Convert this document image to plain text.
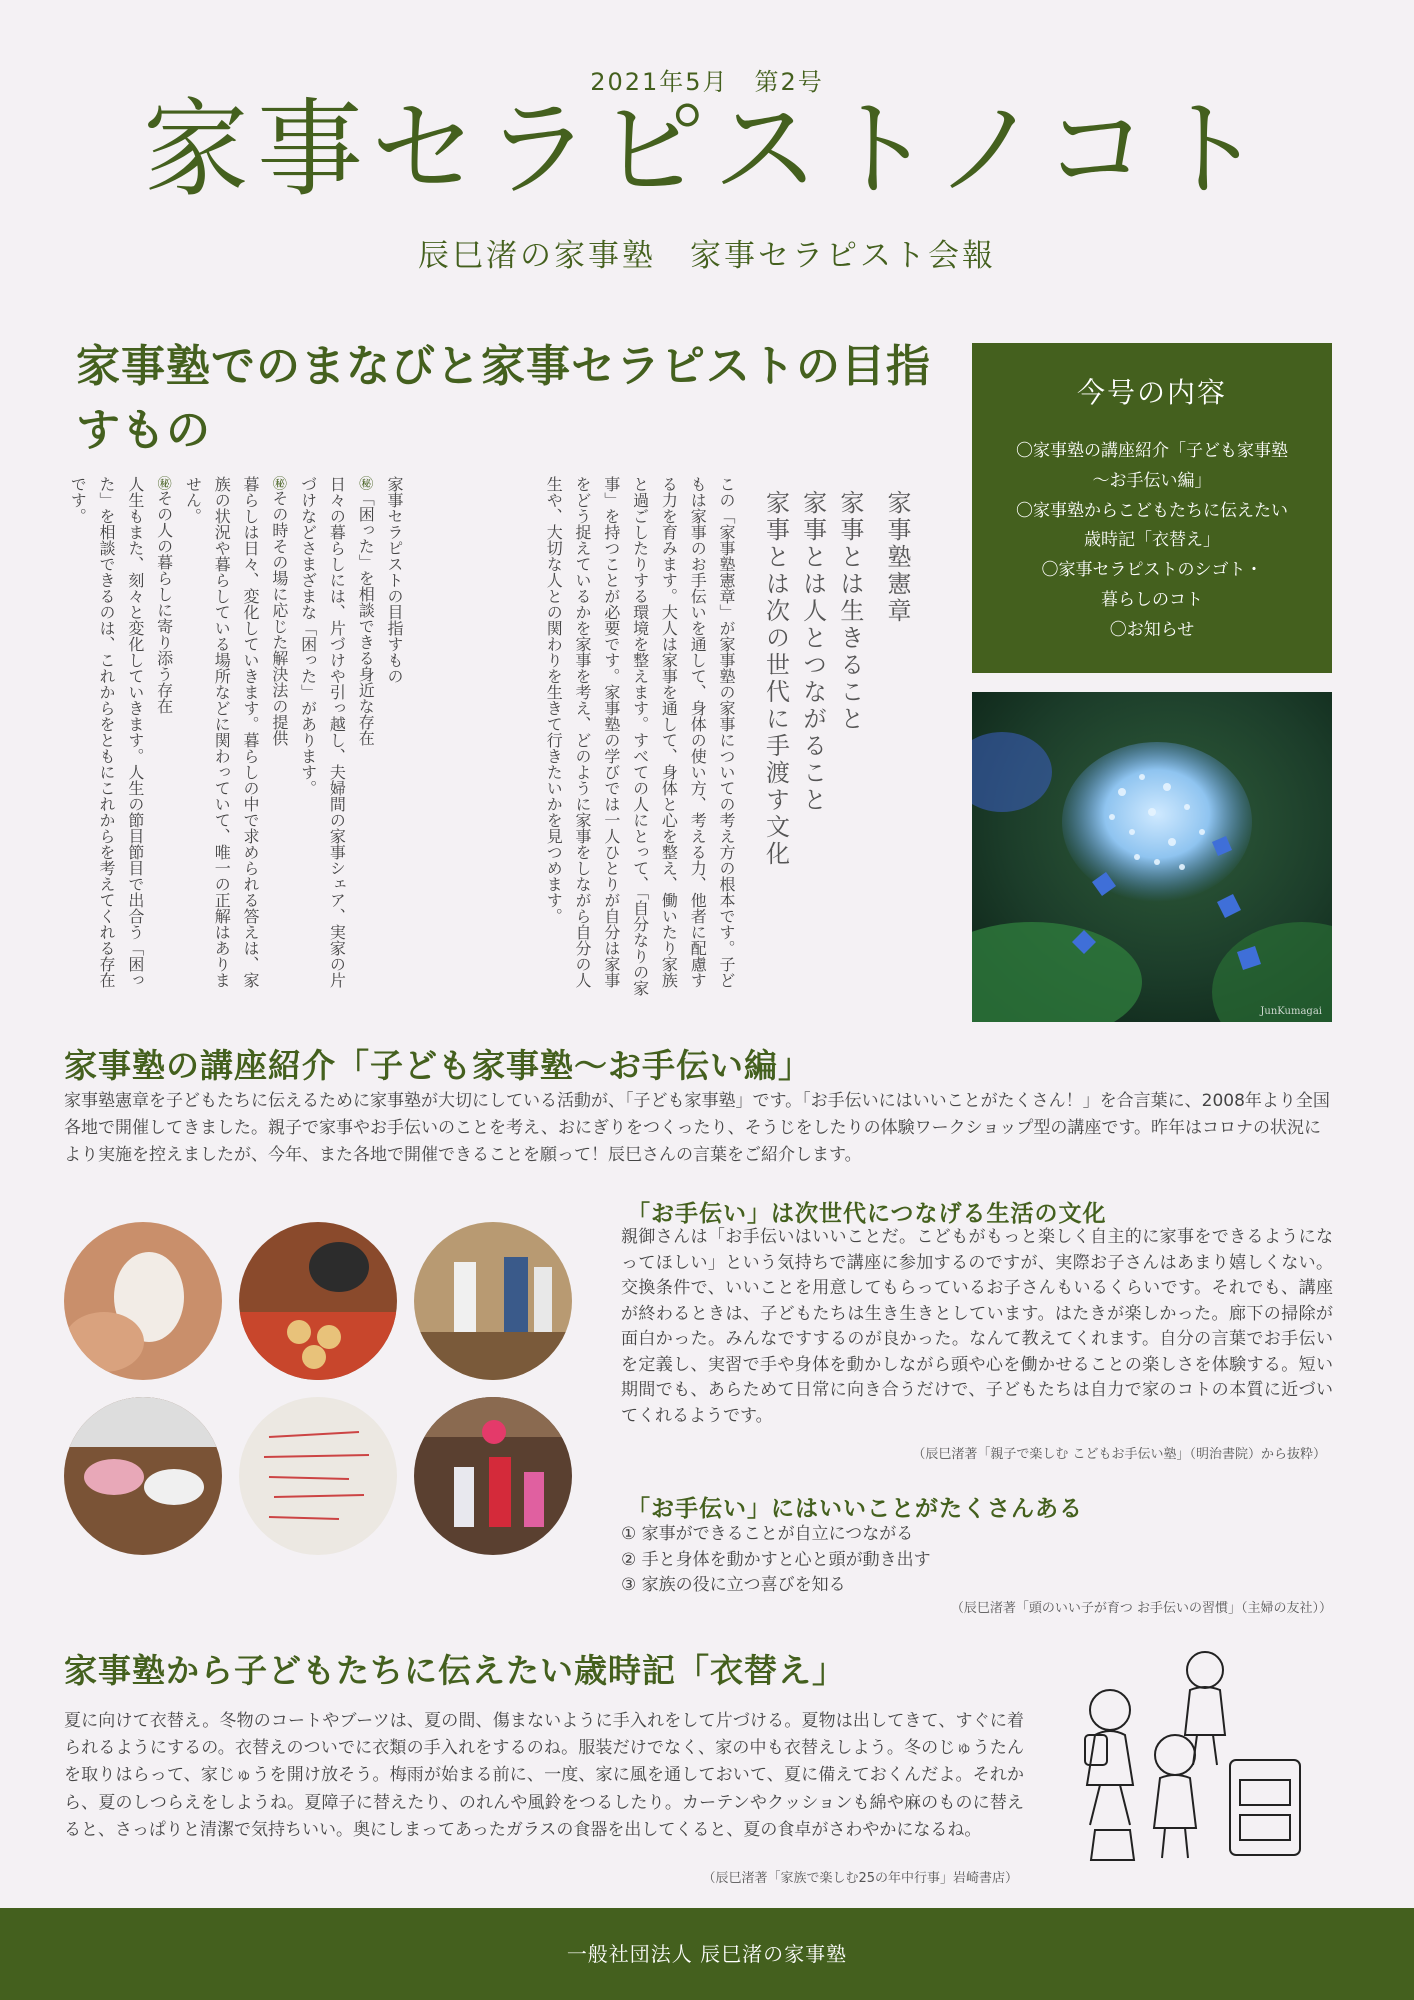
2021年5月　第2号
家事セラピストノコト
辰巳渚の家事塾　家事セラピスト会報
家事塾でのまなびと家事セラピストの目指すもの
家事塾憲章
家事とは生きること
家事とは人とつながること
家事とは次の世代に手渡す文化
この「家事塾憲章」が家事塾の家事についての考え方の根本です。子どもは家事のお手伝いを通して、身体の使い方、考える力、他者に配慮する力を育みます。大人は家事を通して、身体と心を整え、働いたり家族と過ごしたりする環境を整えます。すべての人にとって、「自分なりの家事」を持つことが必要です。家事塾の学びでは一人ひとりが自分は家事をどう捉えているかを家事を考え、どのように家事をしながら自分の人生や、大切な人との関わりを生きて行きたいかを見つめます。
家事セラピストの目指すもの
㊙「困った」を相談できる身近な存在
日々の暮らしには、片づけや引っ越し、夫婦間の家事シェア、実家の片づけなどさまざまな「困った」があります。
㊙その時その場に応じた解決法の提供
暮らしは日々、変化していきます。暮らしの中で求められる答えは、家族の状況や暮らしている場所などに関わっていて、唯一の正解はありません。
㊙その人の暮らしに寄り添う存在
人生もまた、刻々と変化していきます。人生の節目節目で出合う「困った」を相談できるのは、これからをともにこれからを考えてくれる存在です。
今号の内容
〇家事塾の講座紹介「子ども家事塾
～お手伝い編」
〇家事塾からこどもたちに伝えたい
歳時記「衣替え」
〇家事セラピストのシゴト・
暮らしのコト
〇お知らせ
JunKumagai
家事塾の講座紹介「子ども家事塾～お手伝い編」

家事塾憲章を子どもたちに伝えるために家事塾が大切にしている活動が、「子ども家事塾」です。「お手伝いにはいいことがたくさん！」を合言葉に、2008年より全国各地で開催してきました。親子で家事やお手伝いのことを考え、おにぎりをつくったり、そうじをしたりの体験ワークショップ型の講座です。昨年はコロナの状況により実施を控えましたが、今年、また各地で開催できることを願って！辰巳さんの言葉をご紹介します。

「お手伝い」は次世代につなげる生活の文化

親御さんは「お手伝いはいいことだ。こどもがもっと楽しく自主的に家事をできるようになってほしい」という気持ちで講座に参加するのですが、実際お子さんはあまり嬉しくない。交換条件で、いいことを用意してもらっているお子さんもいるくらいです。それでも、講座が終わるときは、子どもたちは生き生きとしています。はたきが楽しかった。廊下の掃除が面白かった。みんなですするのが良かった。なんて教えてくれます。自分の言葉でお手伝いを定義し、実習で手や身体を動かしながら頭や心を働かせることの楽しさを体験する。短い期間でも、あらためて日常に向き合うだけで、子どもたちは自力で家のコトの本質に近づいてくれるようです。

（辰巳渚著「親子で楽しむ こどもお手伝い塾」（明治書院）から抜粋）
「お手伝い」にはいいことがたくさんある
① 家事ができることが自立につながる
② 手と身体を動かすと心と頭が動き出す
③ 家族の役に立つ喜びを知る
（辰巳渚著「頭のいい子が育つ お手伝いの習慣」（主婦の友社））
家事塾から子どもたちに伝えたい歳時記「衣替え」

夏に向けて衣替え。冬物のコートやブーツは、夏の間、傷まないように手入れをして片づける。夏物は出してきて、すぐに着られるようにするの。衣替えのついでに衣類の手入れをするのね。服装だけでなく、家の中も衣替えしよう。冬のじゅうたんを取りはらって、家じゅうを開け放そう。梅雨が始まる前に、一度、家に風を通しておいて、夏に備えておくんだよ。それから、夏のしつらえをしようね。夏障子に替えたり、のれんや風鈴をつるしたり。カーテンやクッションも綿や麻のものに替えると、さっぱりと清潔で気持ちいい。奥にしまってあったガラスの食器を出してくると、夏の食卓がさわやかになるね。

（辰巳渚著「家族で楽しむ25の年中行事」岩崎書店）
一般社団法人 辰巳渚の家事塾
